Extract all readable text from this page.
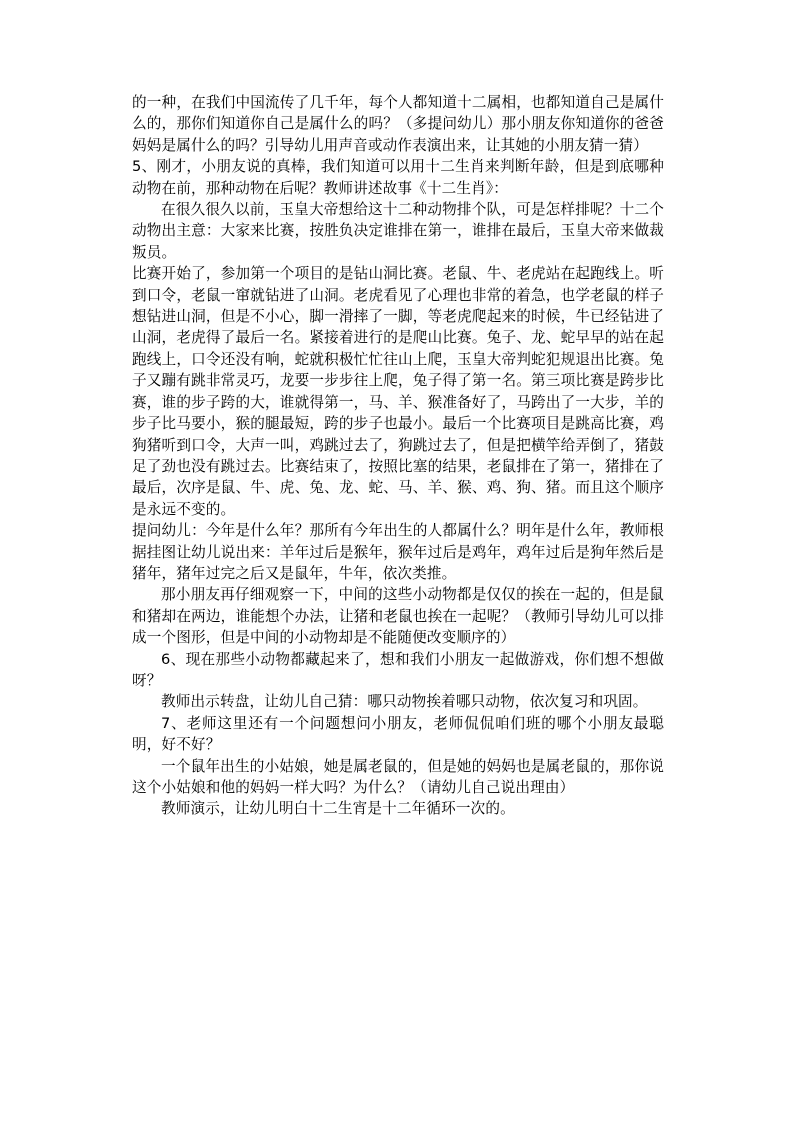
的一种，在我们中国流传了几千年，每个人都知道十二属相，也都知道自己是属什么的，那你们知道你自己是属什么的吗？（多提问幼儿）那小朋友你知道你的爸爸妈妈是属什么的吗？引导幼儿用声音或动作表演出来，让其她的小朋友猜一猜）

5、刚才，小朋友说的真棒，我们知道可以用十二生肖来判断年龄，但是到底哪种动物在前，那种动物在后呢？教师讲述故事《十二生肖》：

在很久很久以前，玉皇大帝想给这十二种动物排个队，可是怎样排呢？十二个动物出主意：大家来比赛，按胜负决定谁排在第一，谁排在最后，玉皇大帝来做裁叛员。

比赛开始了，参加第一个项目的是钻山洞比赛。老鼠、牛、老虎站在起跑线上。听到口令，老鼠一窜就钻进了山洞。老虎看见了心理也非常的着急，也学老鼠的样子想钻进山洞，但是不小心，脚一滑摔了一脚，等老虎爬起来的时候，牛已经钻进了山洞，老虎得了最后一名。紧接着进行的是爬山比赛。兔子、龙、蛇早早的站在起跑线上，口令还没有响，蛇就积极忙忙往山上爬，玉皇大帝判蛇犯规退出比赛。兔子又蹦有跳非常灵巧，龙要一步步往上爬，兔子得了第一名。第三项比赛是跨步比赛，谁的步子跨的大，谁就得第一，马、羊、猴准备好了，马跨出了一大步，羊的步子比马要小，猴的腿最短，跨的步子也最小。最后一个比赛项目是跳高比赛，鸡狗猪听到口令，大声一叫，鸡跳过去了，狗跳过去了，但是把横竿给弄倒了，猪鼓足了劲也没有跳过去。比赛结束了，按照比塞的结果，老鼠排在了第一，猪排在了最后，次序是鼠、牛、虎、兔、龙、蛇、马、羊、猴、鸡、狗、猪。而且这个顺序是永远不变的。

提问幼儿：今年是什么年？那所有今年出生的人都属什么？明年是什么年，教师根据挂图让幼儿说出来：羊年过后是猴年，猴年过后是鸡年，鸡年过后是狗年然后是猪年，猪年过完之后又是鼠年，牛年，依次类推。

那小朋友再仔细观察一下，中间的这些小动物都是仅仅的挨在一起的，但是鼠和猪却在两边，谁能想个办法，让猪和老鼠也挨在一起呢？（教师引导幼儿可以排成一个图形，但是中间的小动物却是不能随便改变顺序的）

6、现在那些小动物都藏起来了，想和我们小朋友一起做游戏，你们想不想做呀？

教师出示转盘，让幼儿自己猜：哪只动物挨着哪只动物，依次复习和巩固。

7、老师这里还有一个问题想问小朋友，老师侃侃咱们班的哪个小朋友最聪明，好不好？

一个鼠年出生的小姑娘，她是属老鼠的，但是她的妈妈也是属老鼠的，那你说这个小姑娘和他的妈妈一样大吗？为什么？（请幼儿自己说出理由）

教师演示，让幼儿明白十二生宵是十二年循环一次的。
